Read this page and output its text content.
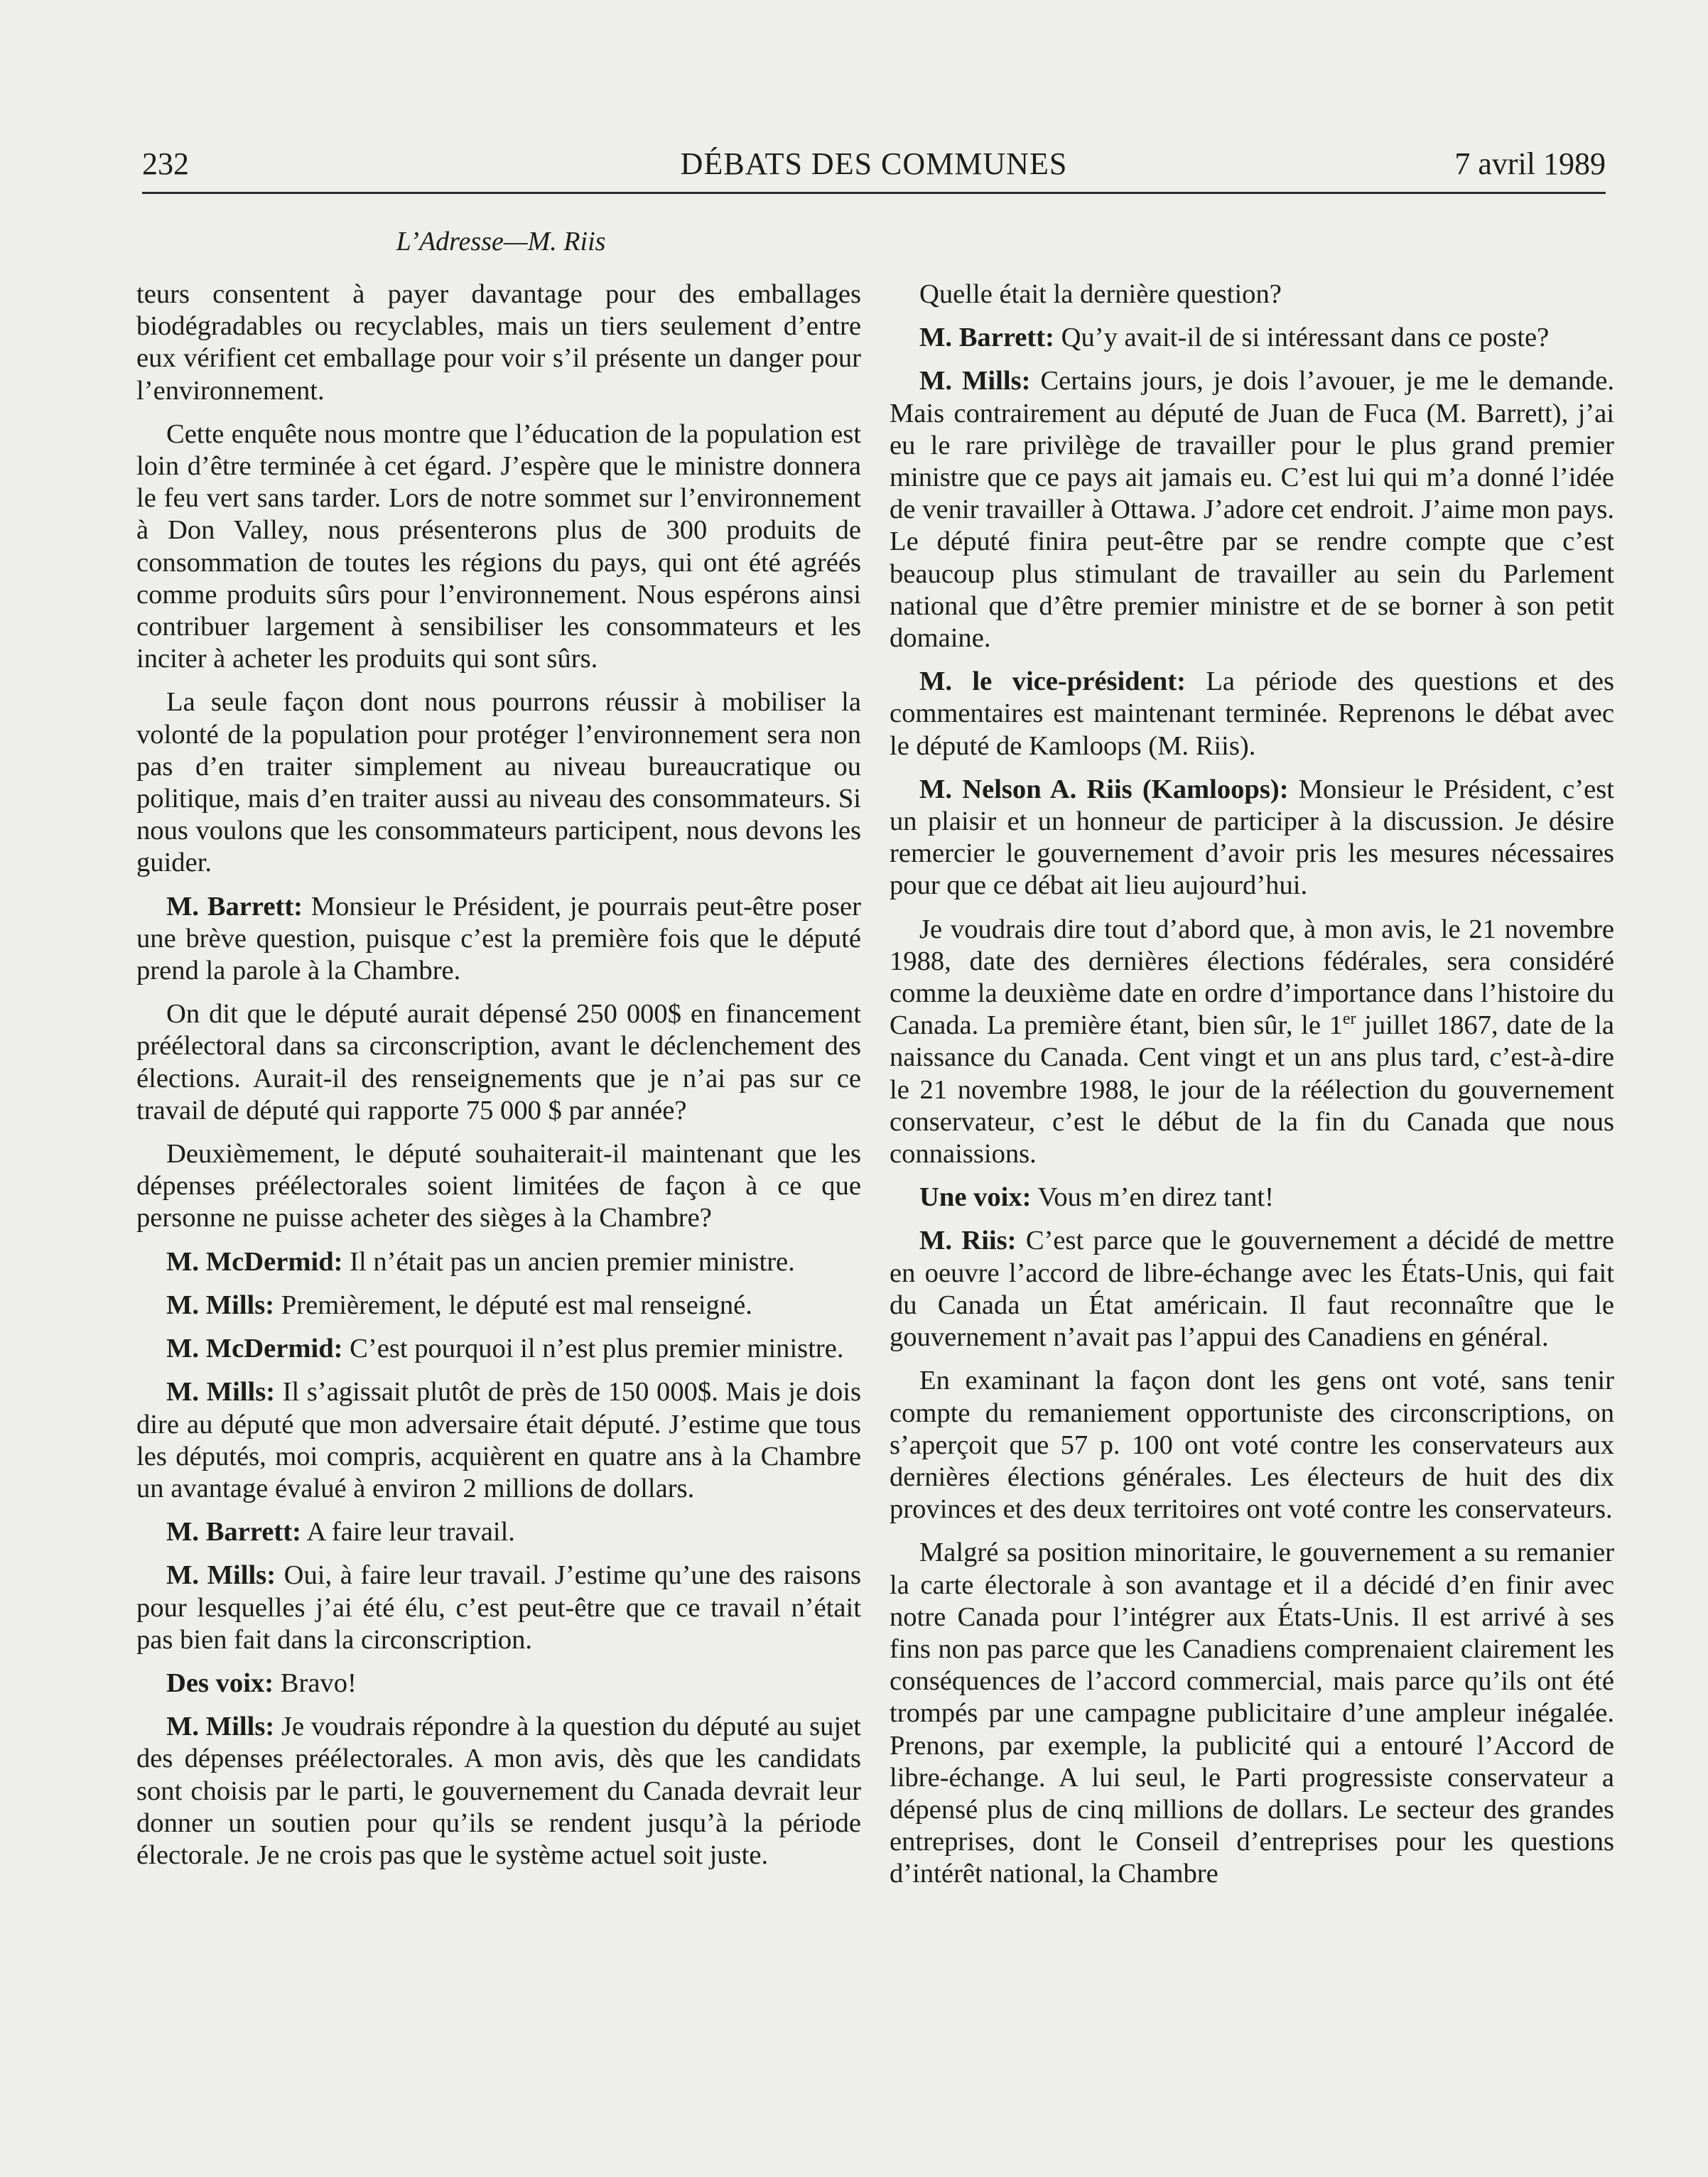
232	DÉBATS DES COMMUNES	7 avril 1989
L’Adresse—M. Riis

teurs consentent à payer davantage pour des emballages biodégradables ou recyclables, mais un tiers seulement d’entre eux vérifient cet emballage pour voir s’il présente un danger pour l’environnement.

Cette enquête nous montre que l’éducation de la population est loin d’être terminée à cet égard. J’espère que le ministre donnera le feu vert sans tarder. Lors de notre sommet sur l’environnement à Don Valley, nous présenterons plus de 300 produits de consommation de toutes les régions du pays, qui ont été agréés comme produits sûrs pour l’environnement. Nous espérons ainsi contribuer largement à sensibiliser les consommateurs et les inciter à acheter les produits qui sont sûrs.

La seule façon dont nous pourrons réussir à mobiliser la volonté de la population pour protéger l’environnement sera non pas d’en traiter simplement au niveau bureaucratique ou politique, mais d’en traiter aussi au niveau des consommateurs. Si nous voulons que les consommateurs participent, nous devons les guider.

M. Barrett: Monsieur le Président, je pourrais peut-être poser une brève question, puisque c’est la première fois que le député prend la parole à la Chambre.

On dit que le député aurait dépensé 250 000$ en financement préélectoral dans sa circonscription, avant le déclenchement des élections. Aurait-il des renseignements que je n’ai pas sur ce travail de député qui rapporte 75 000 $ par année?

Deuxièmement, le député souhaiterait-il maintenant que les dépenses préélectorales soient limitées de façon à ce que personne ne puisse acheter des sièges à la Chambre?

M. McDermid: Il n’était pas un ancien premier ministre.

M. Mills: Premièrement, le député est mal renseigné.

M. McDermid: C’est pourquoi il n’est plus premier ministre.

M. Mills: Il s’agissait plutôt de près de 150 000$. Mais je dois dire au député que mon adversaire était député. J’estime que tous les députés, moi compris, acquièrent en quatre ans à la Chambre un avantage évalué à environ 2 millions de dollars.

M. Barrett: A faire leur travail.

M. Mills: Oui, à faire leur travail. J’estime qu’une des raisons pour lesquelles j’ai été élu, c’est peut-être que ce travail n’était pas bien fait dans la circonscription.

Des voix: Bravo!

M. Mills: Je voudrais répondre à la question du député au sujet des dépenses préélectorales. A mon avis, dès que les candidats sont choisis par le parti, le gouvernement du Canada devrait leur donner un soutien pour qu’ils se rendent jusqu’à la période électorale. Je ne crois pas que le système actuel soit juste.

Quelle était la dernière question?

M. Barrett: Qu’y avait-il de si intéressant dans ce poste?

M. Mills: Certains jours, je dois l’avouer, je me le demande. Mais contrairement au député de Juan de Fuca (M. Barrett), j’ai eu le rare privilège de travailler pour le plus grand premier ministre que ce pays ait jamais eu. C’est lui qui m’a donné l’idée de venir travailler à Ottawa. J’adore cet endroit. J’aime mon pays. Le député finira peut-être par se rendre compte que c’est beaucoup plus stimulant de travailler au sein du Parlement national que d’être premier ministre et de se borner à son petit domaine.

M. le vice-président: La période des questions et des commentaires est maintenant terminée. Reprenons le débat avec le député de Kamloops (M. Riis).

M. Nelson A. Riis (Kamloops): Monsieur le Président, c’est un plaisir et un honneur de participer à la discussion. Je désire remercier le gouvernement d’avoir pris les mesures nécessaires pour que ce débat ait lieu aujourd’hui.

Je voudrais dire tout d’abord que, à mon avis, le 21 novembre 1988, date des dernières élections fédérales, sera considéré comme la deuxième date en ordre d’importance dans l’histoire du Canada. La première étant, bien sûr, le 1er juillet 1867, date de la naissance du Canada. Cent vingt et un ans plus tard, c’est-à-dire le 21 novembre 1988, le jour de la réélection du gouvernement conservateur, c’est le début de la fin du Canada que nous connaissions.

Une voix: Vous m’en direz tant!

M. Riis: C’est parce que le gouvernement a décidé de mettre en oeuvre l’accord de libre-échange avec les États-Unis, qui fait du Canada un État américain. Il faut reconnaître que le gouvernement n’avait pas l’appui des Canadiens en général.

En examinant la façon dont les gens ont voté, sans tenir compte du remaniement opportuniste des circonscriptions, on s’aperçoit que 57 p. 100 ont voté contre les conservateurs aux dernières élections générales. Les électeurs de huit des dix provinces et des deux territoires ont voté contre les conservateurs.

Malgré sa position minoritaire, le gouvernement a su remanier la carte électorale à son avantage et il a décidé d’en finir avec notre Canada pour l’intégrer aux États-Unis. Il est arrivé à ses fins non pas parce que les Canadiens comprenaient clairement les conséquences de l’accord commercial, mais parce qu’ils ont été trompés par une campagne publicitaire d’une ampleur inégalée. Prenons, par exemple, la publicité qui a entouré l’Accord de libre-échange. A lui seul, le Parti progressiste conservateur a dépensé plus de cinq millions de dollars. Le secteur des grandes entreprises, dont le Conseil d’entreprises pour les questions d’intérêt national, la Chambre
